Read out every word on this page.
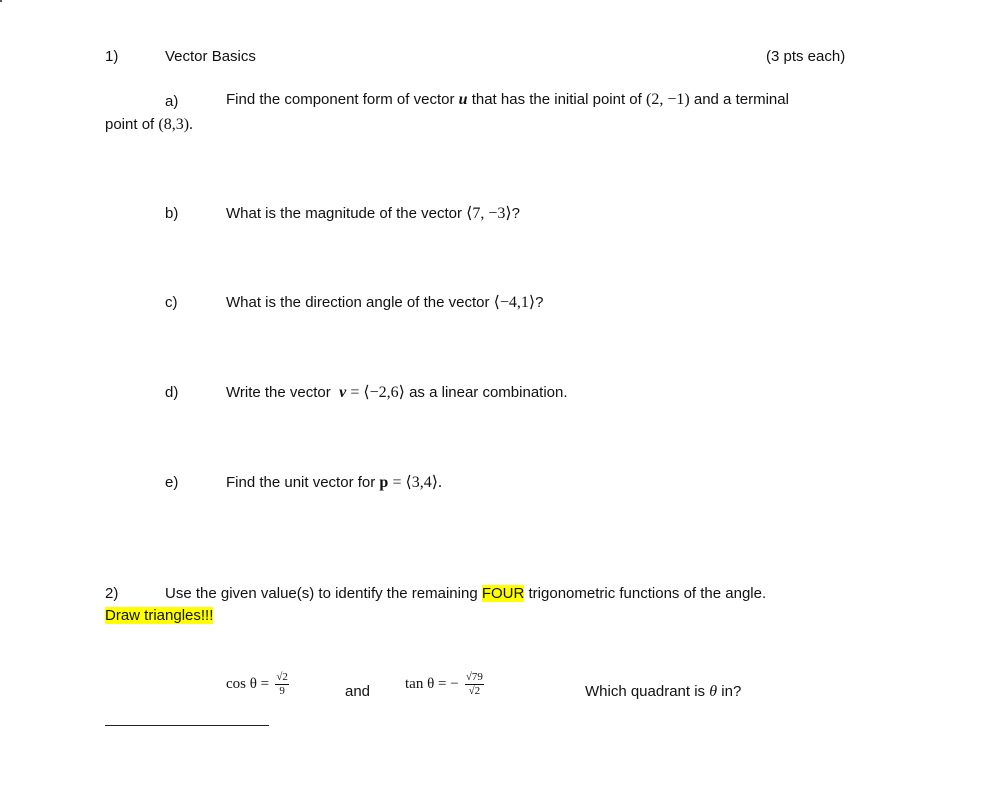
1)	Vector Basics	(3 pts each)
a)	Find the component form of vector u that has the initial point of (2, −1) and a terminal
point of (8,3).
b)	What is the magnitude of the vector ⟨7, −3⟩?
c)	What is the direction angle of the vector ⟨−4,1⟩?
d)	Write the vector v = ⟨−2,6⟩ as a linear combination.
e)	Find the unit vector for p = ⟨3,4⟩.
2)	Use the given value(s) to identify the remaining FOUR trigonometric functions of the angle.
Draw triangles!!!
$\cos \theta = \frac{√2}{9}$	and tan θ = − $\frac{√79}{√2}$	Which quadrant is θ in?
